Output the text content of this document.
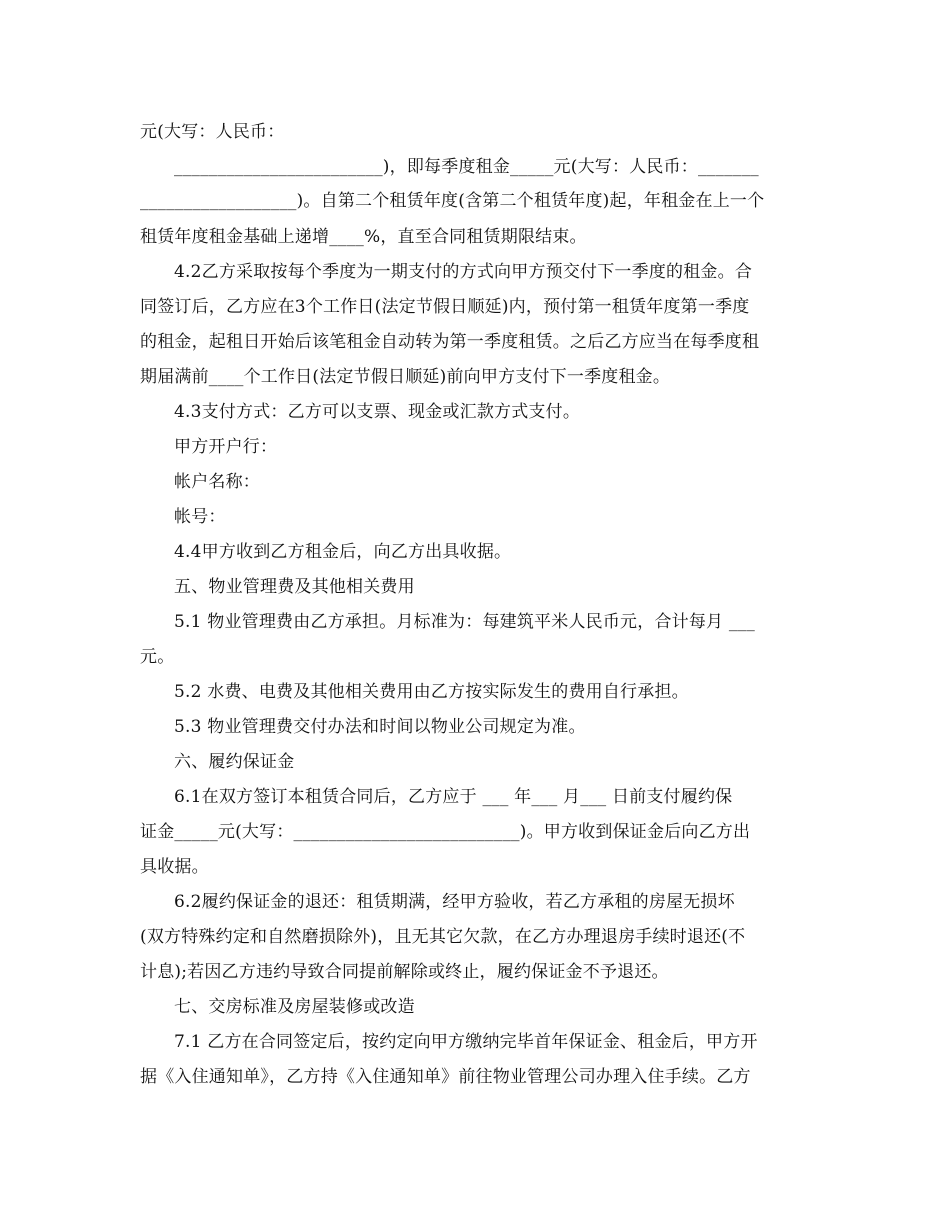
元(大写：人民币：
________________________)，即每季度租金_____元(大写：人民币：_______
__________________)。自第二个租赁年度(含第二个租赁年度)起，年租金在上一个
租赁年度租金基础上递增____%，直至合同租赁期限结束。
4.2乙方采取按每个季度为一期支付的方式向甲方预交付下一季度的租金。合
同签订后，乙方应在3个工作日(法定节假日顺延)内，预付第一租赁年度第一季度
的租金，起租日开始后该笔租金自动转为第一季度租赁。之后乙方应当在每季度租
期届满前____个工作日(法定节假日顺延)前向甲方支付下一季度租金。
4.3支付方式：乙方可以支票、现金或汇款方式支付。
甲方开户行：
帐户名称：
帐号：
4.4甲方收到乙方租金后，向乙方出具收据。
五、物业管理费及其他相关费用
5.1 物业管理费由乙方承担。月标准为：每建筑平米人民币元，合计每月 ___
元。
5.2 水费、电费及其他相关费用由乙方按实际发生的费用自行承担。
5.3 物业管理费交付办法和时间以物业公司规定为准。
六、履约保证金
6.1在双方签订本租赁合同后，乙方应于 ___ 年___ 月___ 日前支付履约保
证金_____元(大写：__________________________)。甲方收到保证金后向乙方出
具收据。
6.2履约保证金的退还：租赁期满，经甲方验收，若乙方承租的房屋无损坏
(双方特殊约定和自然磨损除外)，且无其它欠款，在乙方办理退房手续时退还(不
计息);若因乙方违约导致合同提前解除或终止，履约保证金不予退还。
七、交房标准及房屋装修或改造
7.1 乙方在合同签定后，按约定向甲方缴纳完毕首年保证金、租金后，甲方开
据《入住通知单》，乙方持《入住通知单》前往物业管理公司办理入住手续。乙方
